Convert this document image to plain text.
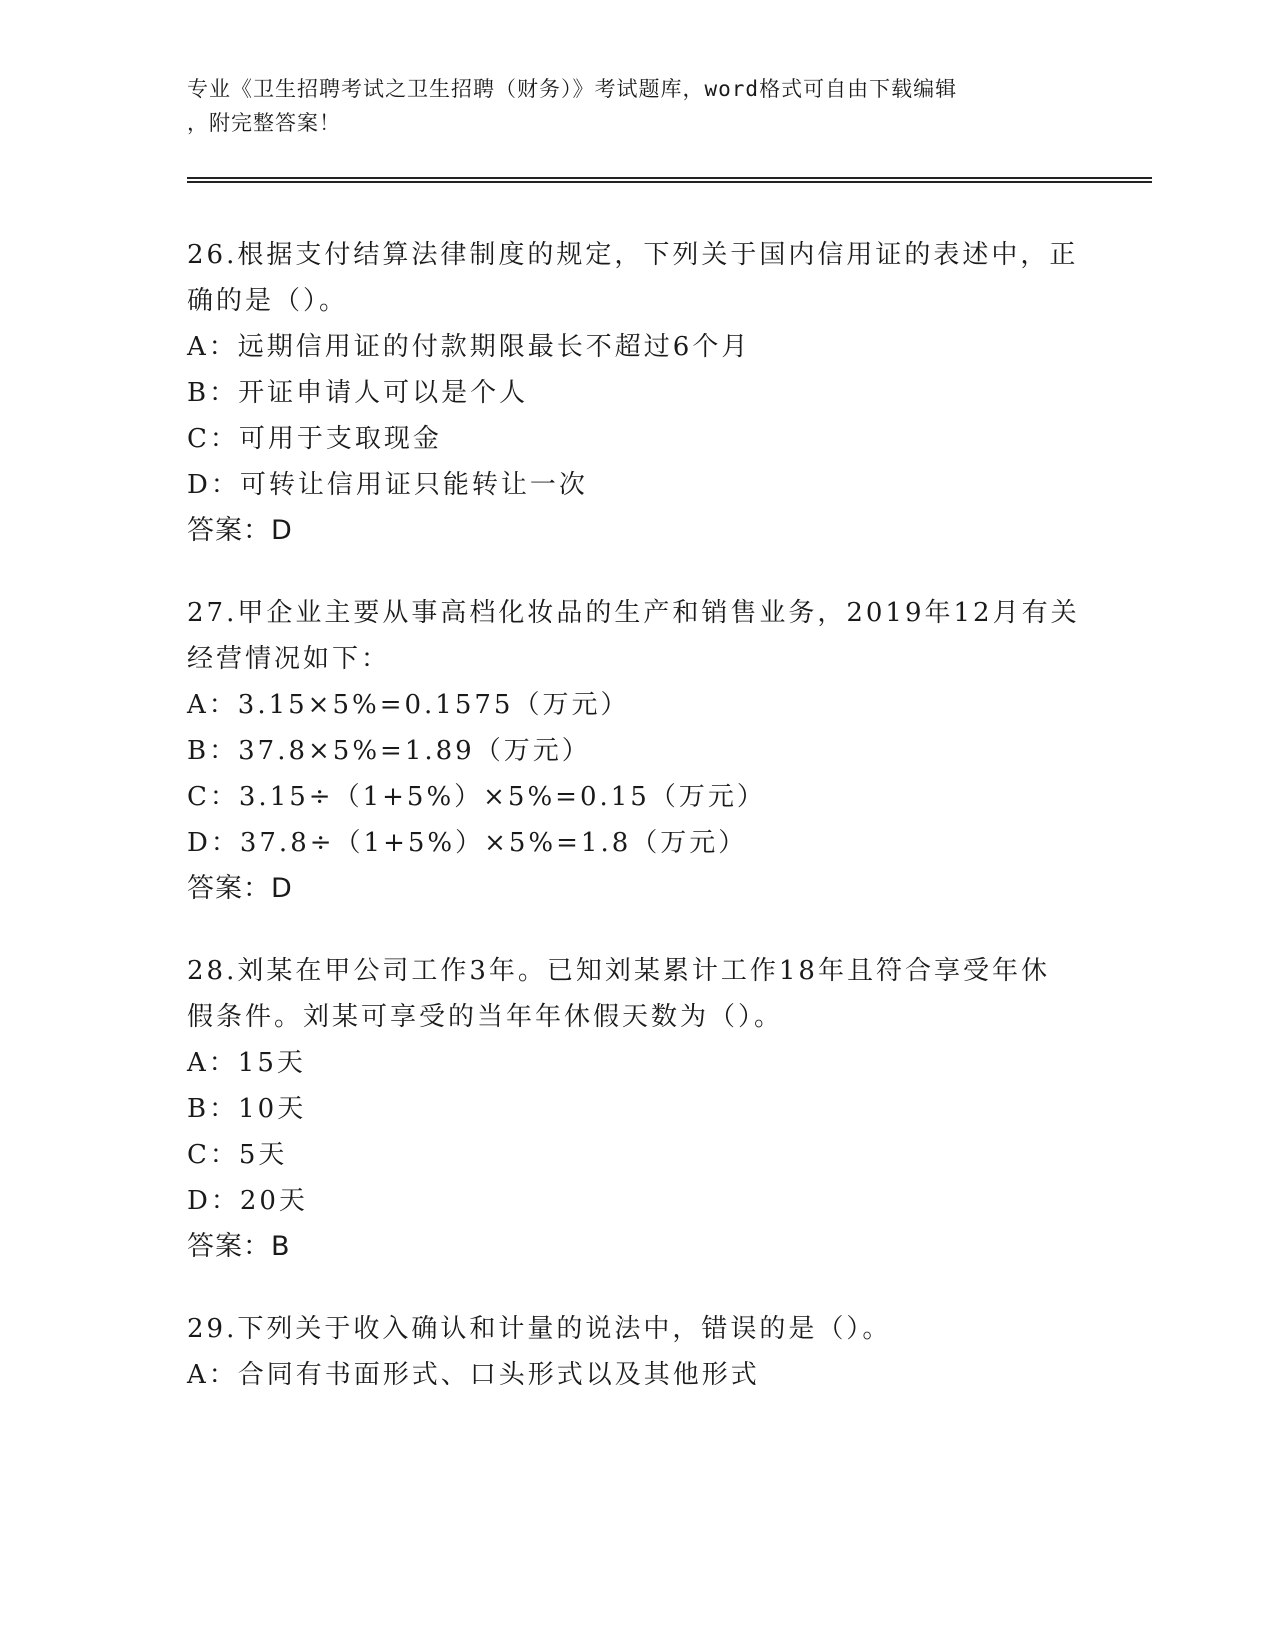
专业《卫生招聘考试之卫生招聘（财务）》考试题库，word格式可自由下载编辑
，附完整答案！
26.根据支付结算法律制度的规定，下列关于国内信用证的表述中，正
确的是（）。
A：远期信用证的付款期限最长不超过6个月
B：开证申请人可以是个人
C：可用于支取现金
D：可转让信用证只能转让一次
答案：D
27.甲企业主要从事高档化妆品的生产和销售业务，2019年12月有关
经营情况如下：
A：3.15×5%=0.1575（万元）
B：37.8×5%=1.89（万元）
C：3.15÷（1+5%）×5%=0.15（万元）
D：37.8÷（1+5%）×5%=1.8（万元）
答案：D
28.刘某在甲公司工作3年。已知刘某累计工作18年且符合享受年休
假条件。刘某可享受的当年年休假天数为（）。
A：15天
B：10天
C：5天
D：20天
答案：B
29.下列关于收入确认和计量的说法中，错误的是（）。
A：合同有书面形式、口头形式以及其他形式
